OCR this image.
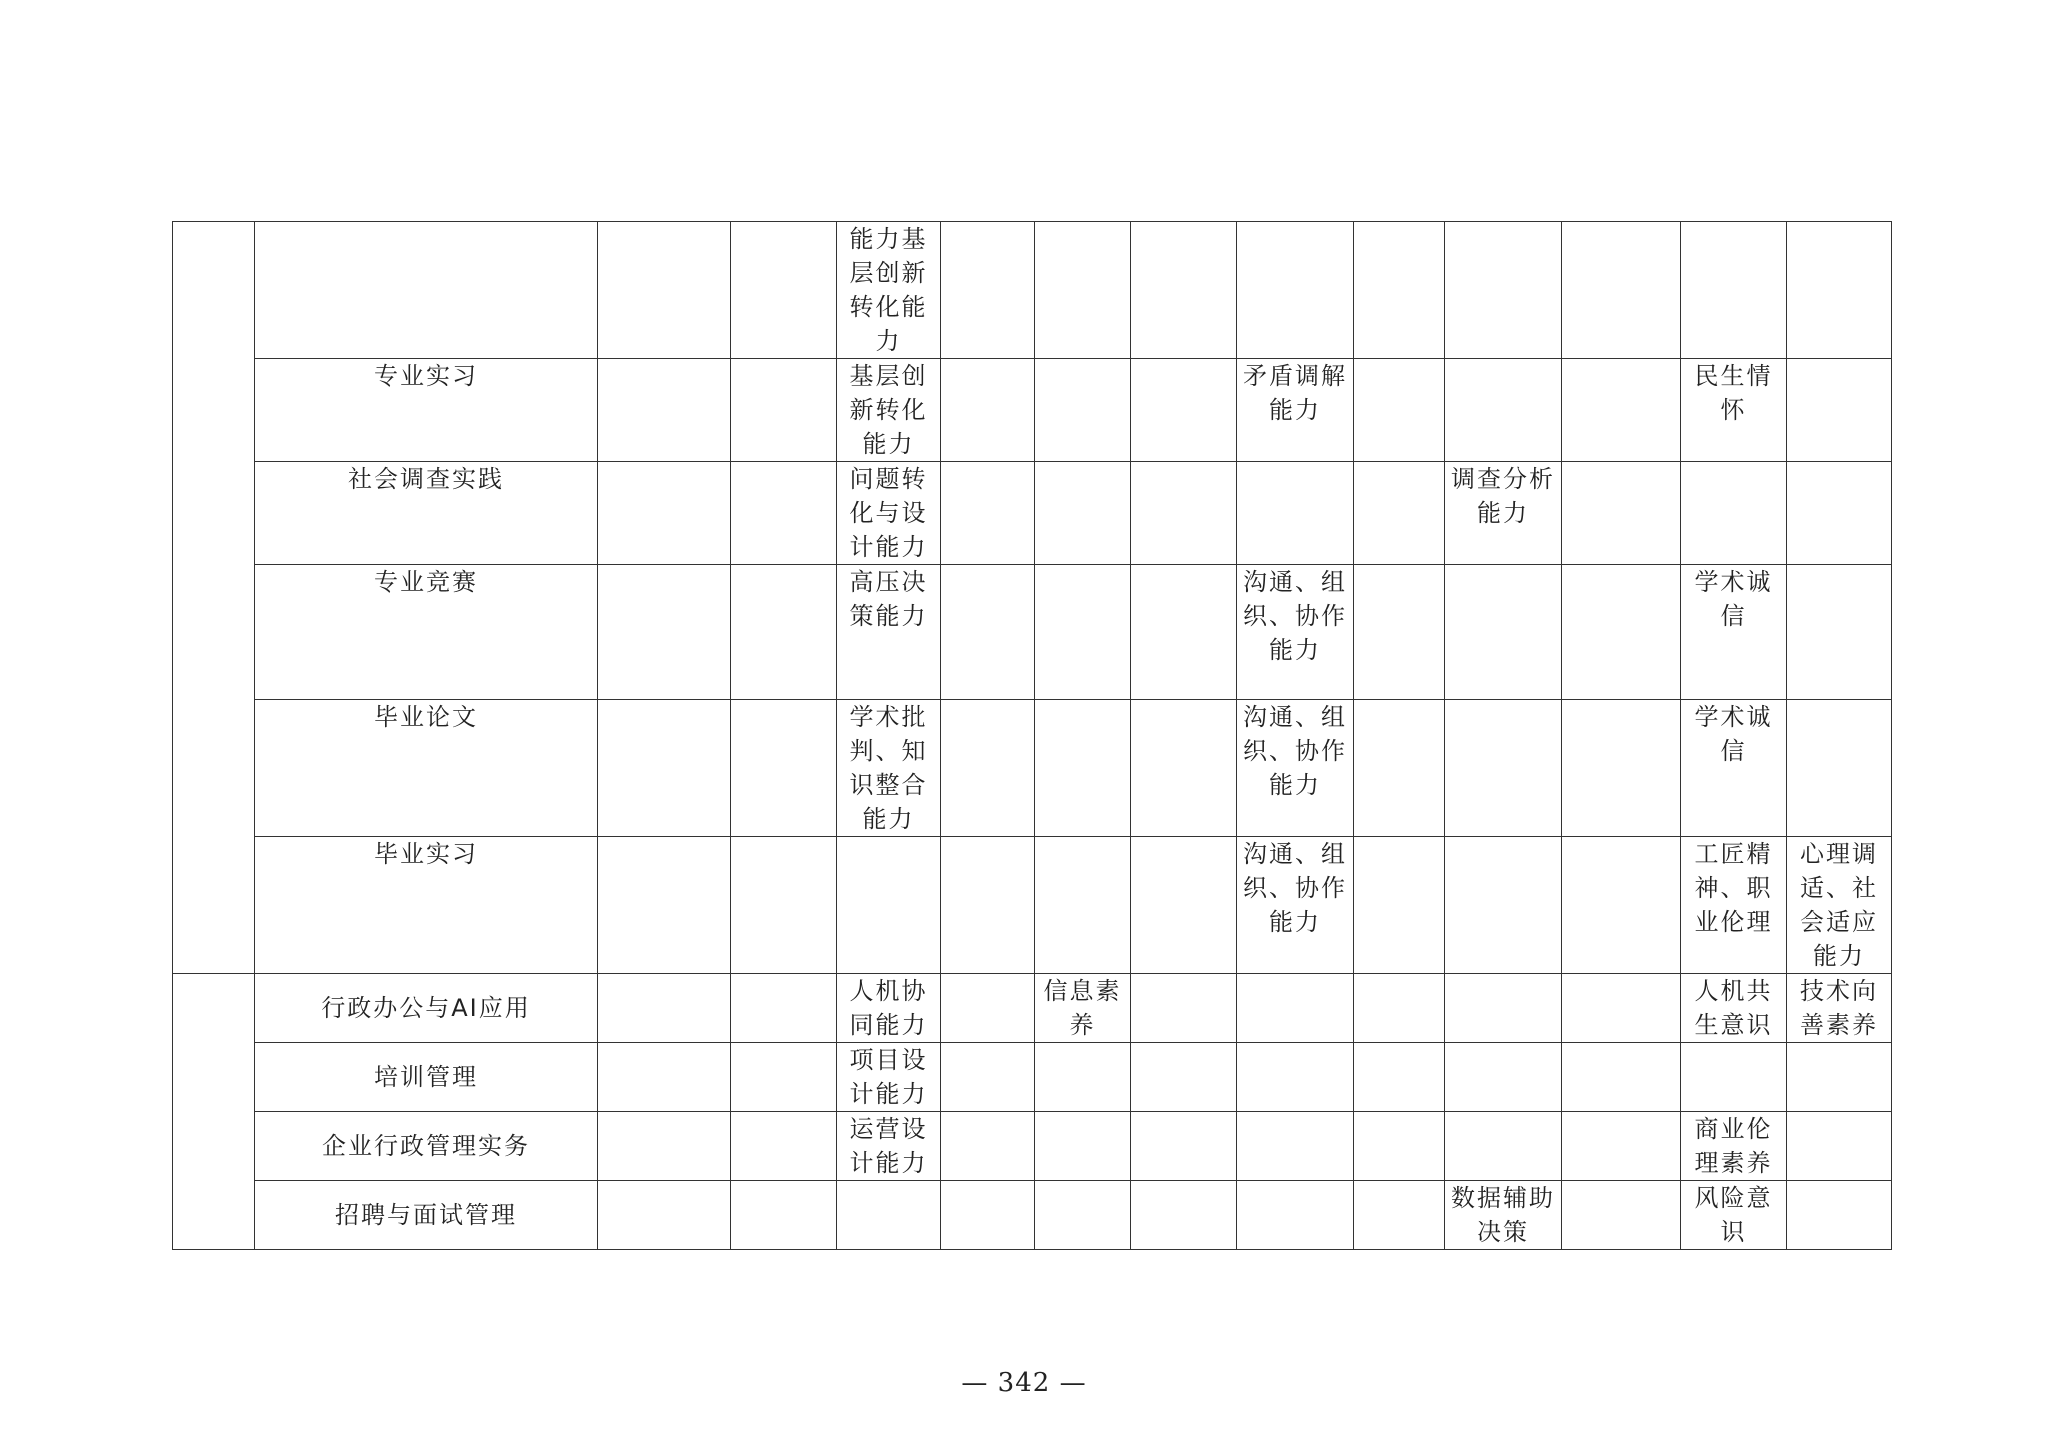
				能力基层创新转化能力									

	专业实习			基层创新转化能力				矛盾调解能力				民生情怀	

	社会调查实践			问题转化与设计能力						调查分析能力			

	专业竞赛			高压决策能力				沟通、组织、协作能力				学术诚信	

	毕业论文			学术批判、知识整合能力				沟通、组织、协作能力				学术诚信	

	毕业实习							沟通、组织、协作能力				工匠精神、职业伦理	心理调适、社会适应能力

	行政办公与AI应用			人机协同能力		信息素养						人机共生意识	技术向善素养

	培训管理			项目设计能力									

	企业行政管理实务			运营设计能力								商业伦理素养	

	招聘与面试管理									数据辅助决策		风险意识	

— 342 —
